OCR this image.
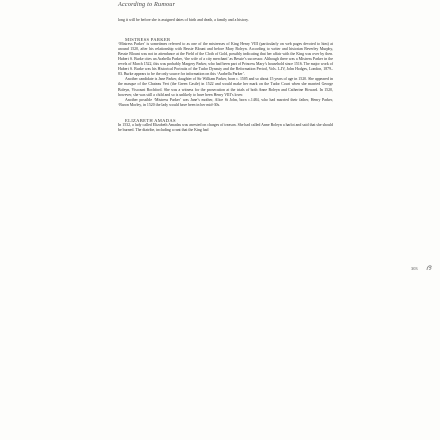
According to Rumour

long it will be before she is assigned dates of birth and death, a family and a history.

MISTRESS PARKER

‘Mistress Parker’ is sometimes referred to as one of the mistresses of King Henry VIII (particularly on web pages devoted to him) at around 1520, after his relationship with Bessie Blount and before Mary Boleyn. According to writer and historian Beverley Murphy, Bessie Blount was not in attendance at the Field of the Cloth of Gold, possibly indicating that her affair with the King was over by then. Hubert S. Burke cites an Arabella Parker, ‘the wife of a city merchant’ as Bessie’s successor. Although there was a Mistress Parker in the revels of March 1522, this was probably Margery Parker, who had been part of Princess Mary’s household since 1516. The major work of Hubert S. Burke was his Historical Portraits of the Tudor Dynasty and the Reformation Period, Vols. I–IV, John Hodges, London, 1879–83. Burke appears to be the only source for information on this ‘Arabella Parker’.

Another candidate is Jane Parker, daughter of Sir William Parker, born c. 1505 and so about 15 years of age in 1520. She appeared in the masque of the Chateau Vert (the Green Castle) in 1522 and would make her mark on the Tudor Court when she married George Boleyn, Viscount Rochford. She was a witness for the prosecution at the trials of both Anne Boleyn and Catherine Howard. In 1520, however, she was still a child and so is unlikely to have been Henry VIII’s lover.

Another possible ‘Mistress Parker’ was Jane’s mother, Alice St John, born c.1484, who had married their father, Henry Parker, ‘Baron Morley, in 1520 the lady would have been in her mid-30s.

ELIZABETH AMADAS

In 1532, a lady called Elizabeth Amadas was arrested on charges of treason. She had called Anne Boleyn a harlot and said that she should be burned. The diatribe, including a rant that the King had

303
